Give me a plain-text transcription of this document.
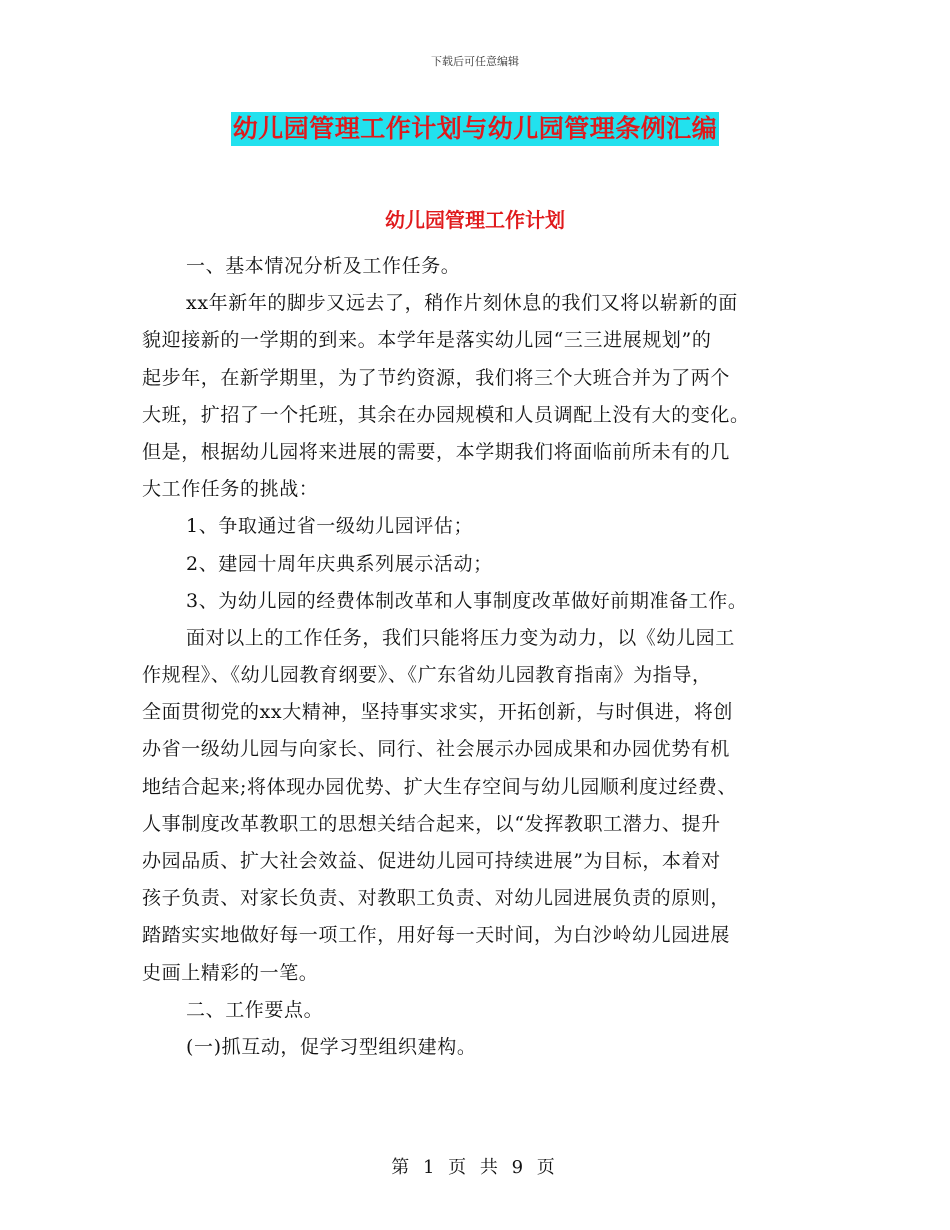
下载后可任意编辑
幼儿园管理工作计划与幼儿园管理条例汇编
幼儿园管理工作计划
一、基本情况分析及工作任务。
xx年新年的脚步又远去了，稍作片刻休息的我们又将以崭新的面
貌迎接新的一学期的到来。本学年是落实幼儿园“三三进展规划”的
起步年，在新学期里，为了节约资源，我们将三个大班合并为了两个
大班，扩招了一个托班，其余在办园规模和人员调配上没有大的变化。
但是，根据幼儿园将来进展的需要，本学期我们将面临前所未有的几
大工作任务的挑战：
1、争取通过省一级幼儿园评估；
2、建园十周年庆典系列展示活动；
3、为幼儿园的经费体制改革和人事制度改革做好前期准备工作。
面对以上的工作任务，我们只能将压力变为动力，以《幼儿园工
作规程》、《幼儿园教育纲要》、《广东省幼儿园教育指南》为指导，
全面贯彻党的xx大精神，坚持事实求实，开拓创新，与时俱进，将创
办省一级幼儿园与向家长、同行、社会展示办园成果和办园优势有机
地结合起来;将体现办园优势、扩大生存空间与幼儿园顺利度过经费、
人事制度改革教职工的思想关结合起来，以“发挥教职工潜力、提升
办园品质、扩大社会效益、促进幼儿园可持续进展”为目标，本着对
孩子负责、对家长负责、对教职工负责、对幼儿园进展负责的原则，
踏踏实实地做好每一项工作，用好每一天时间，为白沙岭幼儿园进展
史画上精彩的一笔。
二、工作要点。
(一)抓互动，促学习型组织建构。
第 1 页 共 9 页
